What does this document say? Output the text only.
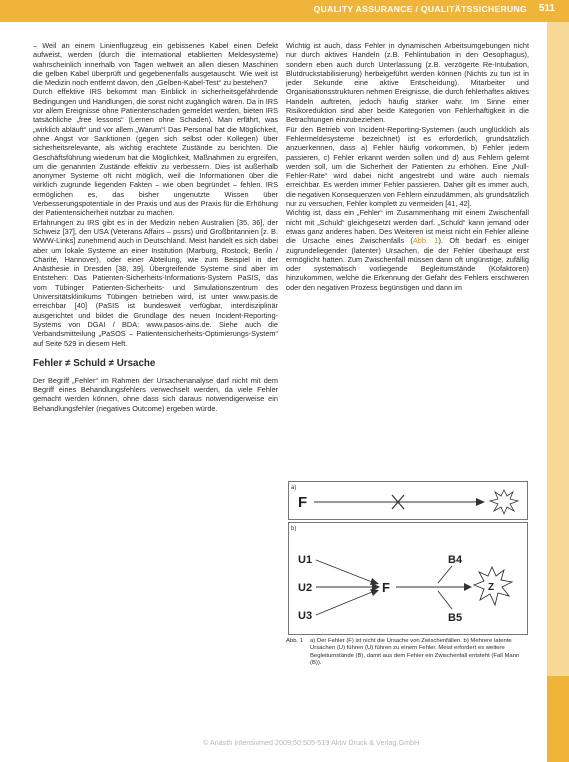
QUALITY ASSURANCE / QUALITÄTSSICHERUNG 511

– Weil an einem Linienflugzeug ein gebissenes Kabel einen Defekt aufweist, werden (durch die international etablierten Meldesysteme) wahrscheinlich innerhalb von Tagen weltweit an allen diesen Maschinen die gelben Kabel überprüft und gegebenenfalls ausgetauscht. Wie weit ist die Medizin noch entfernt davon, den „Gelben-Kabel-Test“ zu bestehen?

Durch effektive IRS bekommt man Einblick in sicherheitsgefährdende Bedingungen und Handlungen, die sonst nicht zugänglich wären. Da in IRS vor allem Ereignisse ohne Patientenschaden gemeldet werden, bieten IRS tatsächliche „free lessons“ (Lernen ohne Schaden). Man erfährt, was „wirklich abläuft“ und vor allem „Warum“! Das Personal hat die Möglichkeit, ohne Angst vor Sanktionen (gegen sich selbst oder Kollegen) über sicherheitsrelevante, als wichtig erachtete Zustände zu berichten. Die Geschäftsführung wiederum hat die Möglichkeit, Maßnahmen zu ergreifen, um die genannten Zustände effektiv zu verbessern. Dies ist außerhalb anonymer Systeme oft nicht möglich, weil die Informationen über die wirklich zugrunde liegenden Fakten – wie oben begründet – fehlen. IRS ermöglichen es, das bisher ungenutzte Wissen über Verbesserungspotentiale in der Praxis und aus der Praxis für die Erhöhung der Patientensicherheit nutzbar zu machen.

Erfahrungen zu IRS gibt es in der Medizin neben Australien [35, 36], der Schweiz [37], den USA (Veterans Affairs – pssrs) und Großbritannien [z. B. WWW-Links] zunehmend auch in Deutschland. Meist handelt es sich dabei aber um lokale Systeme an einer Institution (Marburg, Rostock, Berlin / Charité, Hannover), oder einer Abteilung, wie zum Beispiel in der Anästhesie in Dresden [38, 39]. Übergreifende Systeme sind aber im Entstehen: Das Patienten-Sicherheits-Informations-System PaSIS, das vom Tübinger Patienten-Sicherheits- und Simulationszentrum des Universitätsklinikums Tübingen betrieben wird, ist unter www.pasis.de erreichbar [40] (PaSIS ist bundesweit verfügbar, interdisziplinär ausgerichtet und bildet die Grundlage des neuen Incident-Reporting-Systems von DGAI / BDA: www.pasos-ains.de. Siehe auch die Verbandsmitteilung „PaSOS – Patientensicherheits-Optimierungs-System“ auf Seite 529 in diesem Heft.

Fehler ≠ Schuld ≠ Ursache

Der Begriff „Fehler“ im Rahmen der Ursachenanalyse darf nicht mit dem Begriff eines Behandlungsfehlers verwechselt werden, da viele Fehler gemacht werden können, ohne dass sich daraus notwendigerweise ein Behandlungsfehler (negatives Outcome) ergeben würde.

Wichtig ist auch, dass Fehler in dynamischen Arbeitsumgebungen nicht nur durch aktives Handeln (z.B. Fehlintubation in den Oesophagus), sondern eben auch durch Unterlassung (z.B. verzögerte Re-Intubation, Blutdruckstabilisierung) herbeigeführt werden können (Nichts zu tun ist in jeder Sekunde eine aktive Entscheidung). Mitarbeiter und Organisationsstrukturen nehmen Ereignisse, die durch fehlerhaftes aktives Handeln auftreten, jedoch häufig stärker wahr. Im Sinne einer Risikoreduktion sind aber beide Kategorien von Fehlerhaftigkeit in die Betrachtungen einzubeziehen.

Für den Betrieb von Incident-Reporting-Systemen (auch unglücklich als Fehlermeldesysteme bezeichnet) ist es erforderlich, grundsätzlich anzuerkennen, dass a) Fehler häufig vorkommen, b) Fehler jedem passieren, c) Fehler erkannt werden sollen und d) aus Fehlern gelernt werden soll, um die Sicherheit der Patienten zu erhöhen. Eine „Null-Fehler-Rate“ wird dabei nicht angestrebt und wäre auch niemals erreichbar. Es werden immer Fehler passieren. Daher gilt es immer auch, die negativen Konsequenzen von Fehlern einzudämmen, als grundsätzlich nur zu versuchen, Fehler komplett zu vermeiden [41, 42].

Wichtig ist, dass ein „Fehler“ im Zusammenhang mit einem Zwischenfall nicht mit „Schuld“ gleichgesetzt werden darf. „Schuld“ kann jemand oder etwas ganz anderes haben. Des Weiteren ist meist nicht ein Fehler alleine die Ursache eines Zwischenfalls (Abb. 1). Oft bedarf es einiger zugrundeliegender (latenter) Ursachen, die der Fehler überhaupt erst ermöglicht hatten. Zum Zwischenfall müssen dann oft ungünstige, zufällig oder systematisch vorliegende Begleitumstände (Kofaktoren) hinzukommen, welche die Erkennung der Gefahr des Fehlers erschweren oder den negativen Prozess begünstigen und dann im

a)
F
b)
U1
U2
U3
F
B4
B5
Z
Abb. 1	a) Der Fehler (F) ist nicht die Ursache von Zwischenfällen. b) Mehrere latente Ursachen (U) führen (U) führen zu einem Fehler. Meist erfordert es weitere Begleitumstände (B), damit aus dem Fehler ein Zwischenfall entsteht (Fall Mann (B)).
© Anästh Intensivmed 2009;50:505-519 Aktiv Druck & Verlag GmbH
